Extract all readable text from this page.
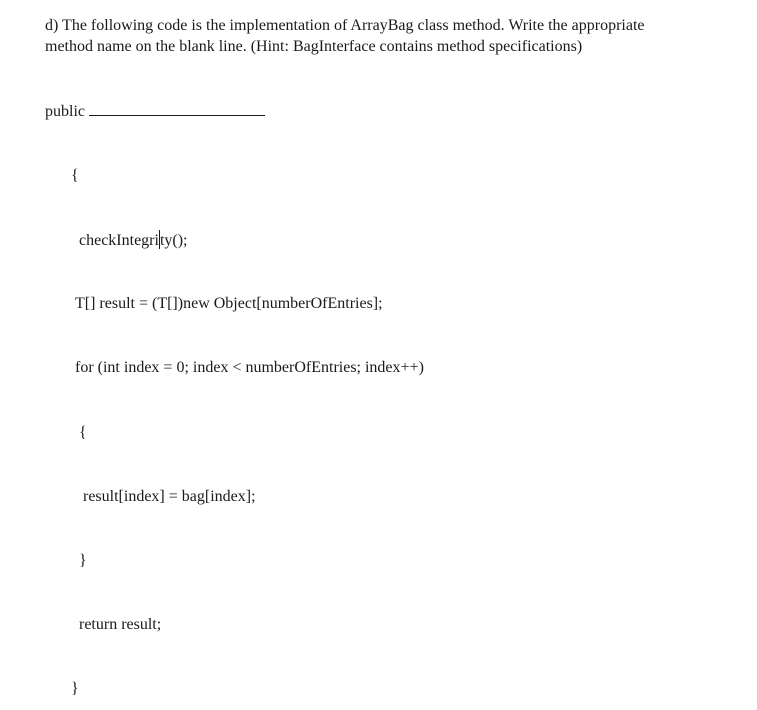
d) The following code is the implementation of ArrayBag class method. Write the appropriate
method name on the blank line. (Hint: BagInterface contains method specifications)
public
{
checkIntegrity();
T[] result = (T[])new Object[numberOfEntries];
for (int index = 0; index < numberOfEntries; index++)
{
result[index] = bag[index];
}
return result;
}
